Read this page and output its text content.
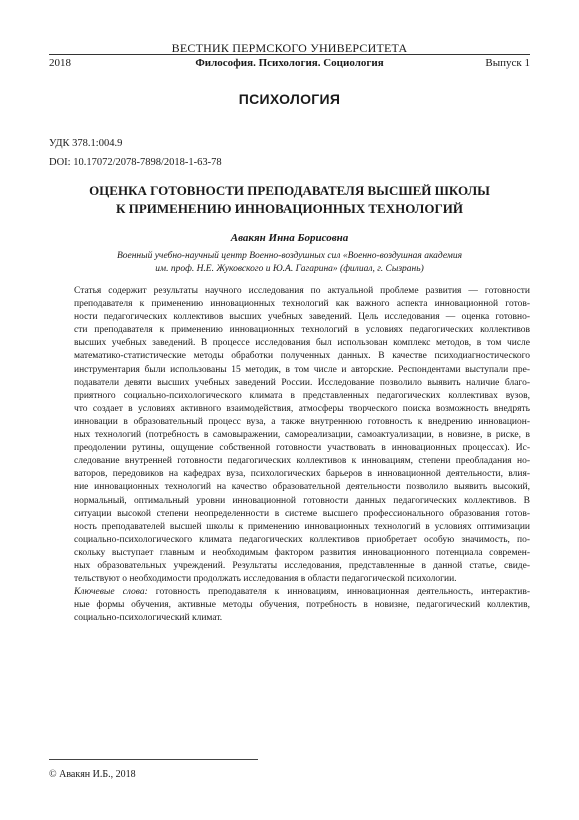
ВЕСТНИК ПЕРМСКОГО УНИВЕРСИТЕТА
2018	Философия. Психология. Социология	Выпуск 1
ПСИХОЛОГИЯ
УДК 378.1:004.9
DOI: 10.17072/2078-7898/2018-1-63-78
ОЦЕНКА ГОТОВНОСТИ ПРЕПОДАВАТЕЛЯ ВЫСШЕЙ ШКОЛЫ
К ПРИМЕНЕНИЮ ИННОВАЦИОННЫХ ТЕХНОЛОГИЙ
Авакян Инна Борисовна
Военный учебно-научный центр Военно-воздушных сил «Военно-воздушная академия
им. проф. Н.Е. Жуковского и Ю.А. Гагарина» (филиал, г. Сызрань)
Статья содержит результаты научного исследования по актуальной проблеме развития — готовности
преподавателя к применению инновационных технологий как важного аспекта инновационной готов-
ности педагогических коллективов высших учебных заведений. Цель исследования — оценка готовно-
сти преподавателя к применению инновационных технологий в условиях педагогических коллективов
высших учебных заведений. В процессе исследования был использован комплекс методов, в том числе
математико-статистические методы обработки полученных данных. В качестве психодиагностического
инструментария были использованы 15 методик, в том числе и авторские. Респондентами выступали пре-
подаватели девяти высших учебных заведений России. Исследование позволило выявить наличие благо-
приятного социально-психологического климата в представленных педагогических коллективах вузов,
что создает в условиях активного взаимодействия, атмосферы творческого поиска возможность внедрять
инновации в образовательный процесс вуза, а также внутреннюю готовность к внедрению инновацион-
ных технологий (потребность в самовыражении, самореализации, самоактуализации, в новизне, в риске, в
преодолении рутины, ощущение собственной готовности участвовать в инновационных процессах). Ис-
следование внутренней готовности педагогических коллективов к инновациям, степени преобладания но-
ваторов, передовиков на кафедрах вуза, психологических барьеров в инновационной деятельности, влия-
ние инновационных технологий на качество образовательной деятельности позволило выявить высокий,
нормальный, оптимальный уровни инновационной готовности данных педагогических коллективов. В
ситуации высокой степени неопределенности в системе высшего профессионального образования готов-
ность преподавателей высшей школы к применению инновационных технологий в условиях оптимизации
социально-психологического климата педагогических коллективов приобретает особую значимость, по-
скольку выступает главным и необходимым фактором развития инновационного потенциала современ-
ных образовательных учреждений. Результаты исследования, представленные в данной статье, свиде-
тельствуют о необходимости продолжать исследования в области педагогической психологии.
Ключевые слова: готовность преподавателя к инновациям, инновационная деятельность, интерактив-
ные формы обучения, активные методы обучения, потребность в новизне, педагогический коллектив,
социально-психологический климат.
© Авакян И.Б., 2018
